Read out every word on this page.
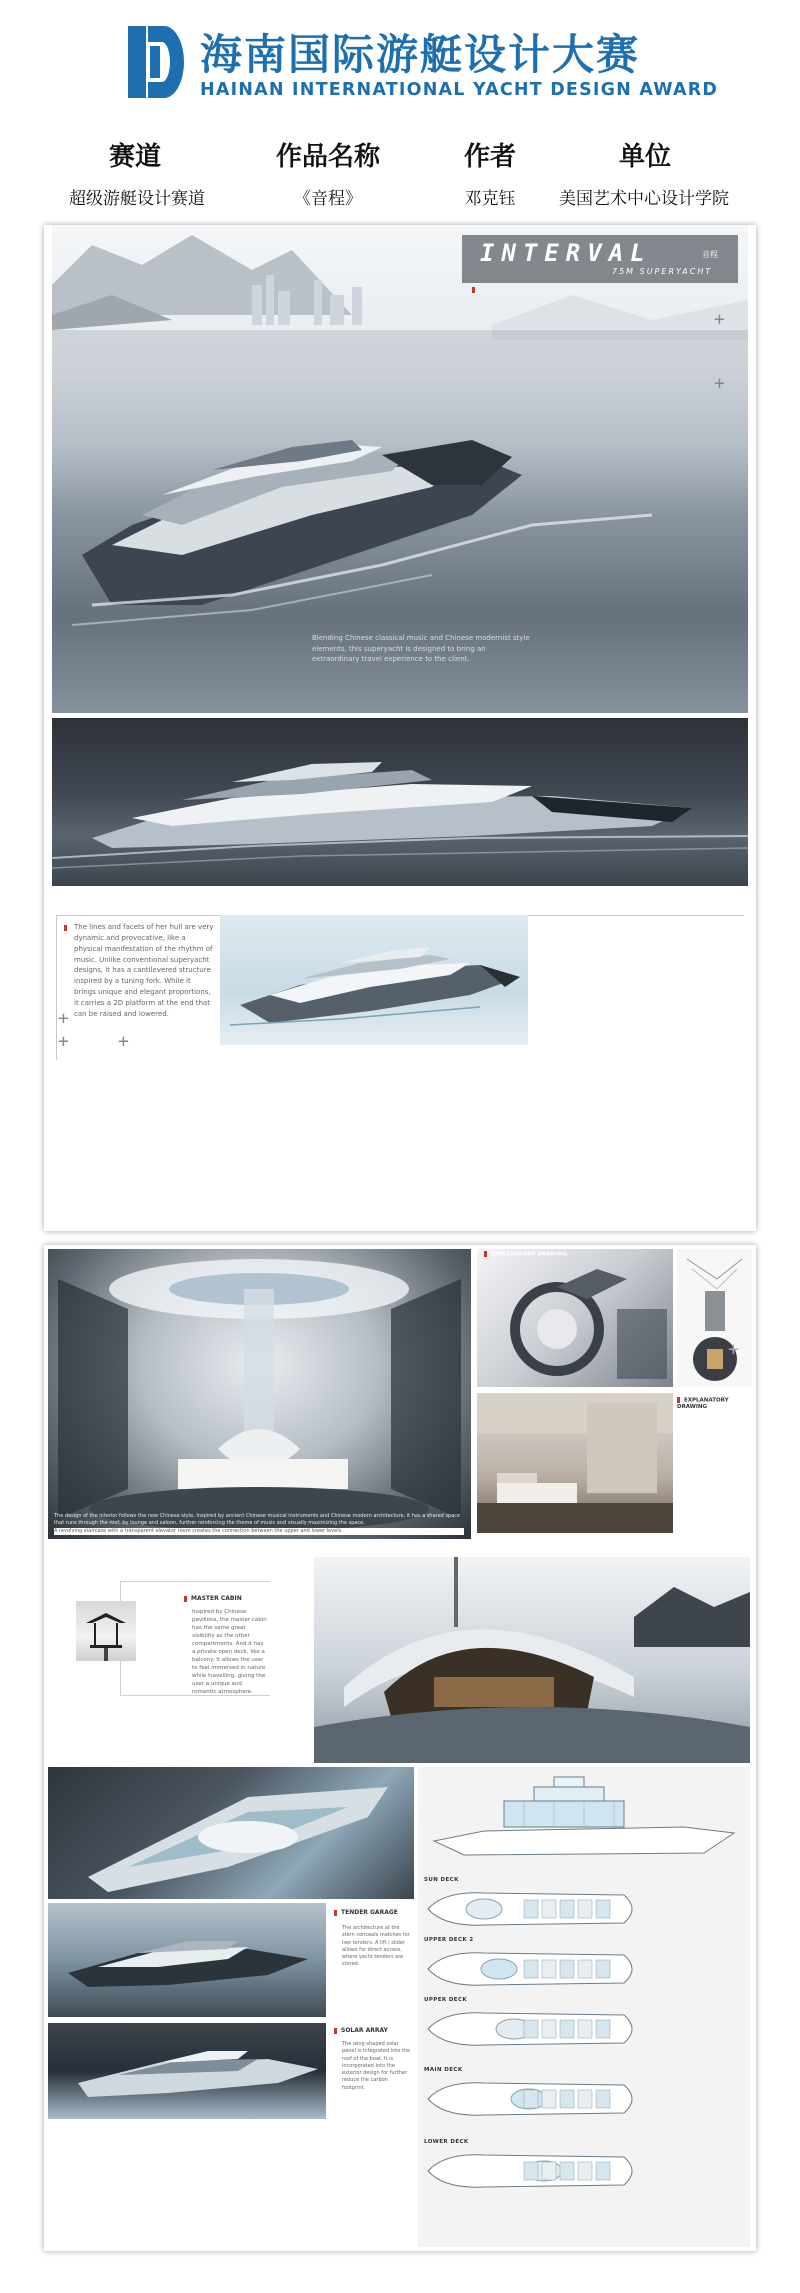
海南国际游艇设计大赛
HAINAN INTERNATIONAL YACHT DESIGN AWARD
赛道	作品名称	作者	单位
超级游艇设计赛道	《音程》	邓克钰	美国艺术中心设计学院
INTERVAL	音程
75M SUPERYACHT
+
+
Blending Chinese classical music and Chinese modernist style elements, this superyacht is designed to bring an extraordinary travel experience to the client.
The lines and facets of her hull are very dynamic and provocative, like a physical manifestation of the rhythm of music. Unlike conventional superyacht designs, it has a cantilevered structure inspired by a tuning fork. While it brings unique and elegant proportions, it carries a 2D platform at the end that can be raised and lowered.
+
+	+
The design of the interior follows the new Chinese style. Inspired by ancient Chinese musical instruments and Chinese modern architecture, it has a shared space that runs through the roof, by lounge and saloon, further reinforcing the theme of music and visually maximizing the space.
A revolving staircase with a transparent elevator room creates the connection between the upper and lower levels.
EXPLANATORY DRAWING
EXPLANATORY DRAWING
MASTER CABIN
Inspired by Chinese pavilions, the master cabin has the same great visibility as the other compartments. And it has a private open deck, like a balcony. It allows the user to feel immersed in nature while travelling, giving the user a unique and romantic atmosphere.
TENDER GARAGE
The architecture at the stern conceals matches for two tenders. A lift / slider allows for direct access, where yacht tenders are stored.
SOLAR ARRAY
The wing-shaped solar panel is integrated into the roof of the boat. It is incorporated into the exterior design for further reduce the carbon footprint.
SUN DECK
UPPER DECK 2
UPPER DECK
MAIN DECK
LOWER DECK
+
